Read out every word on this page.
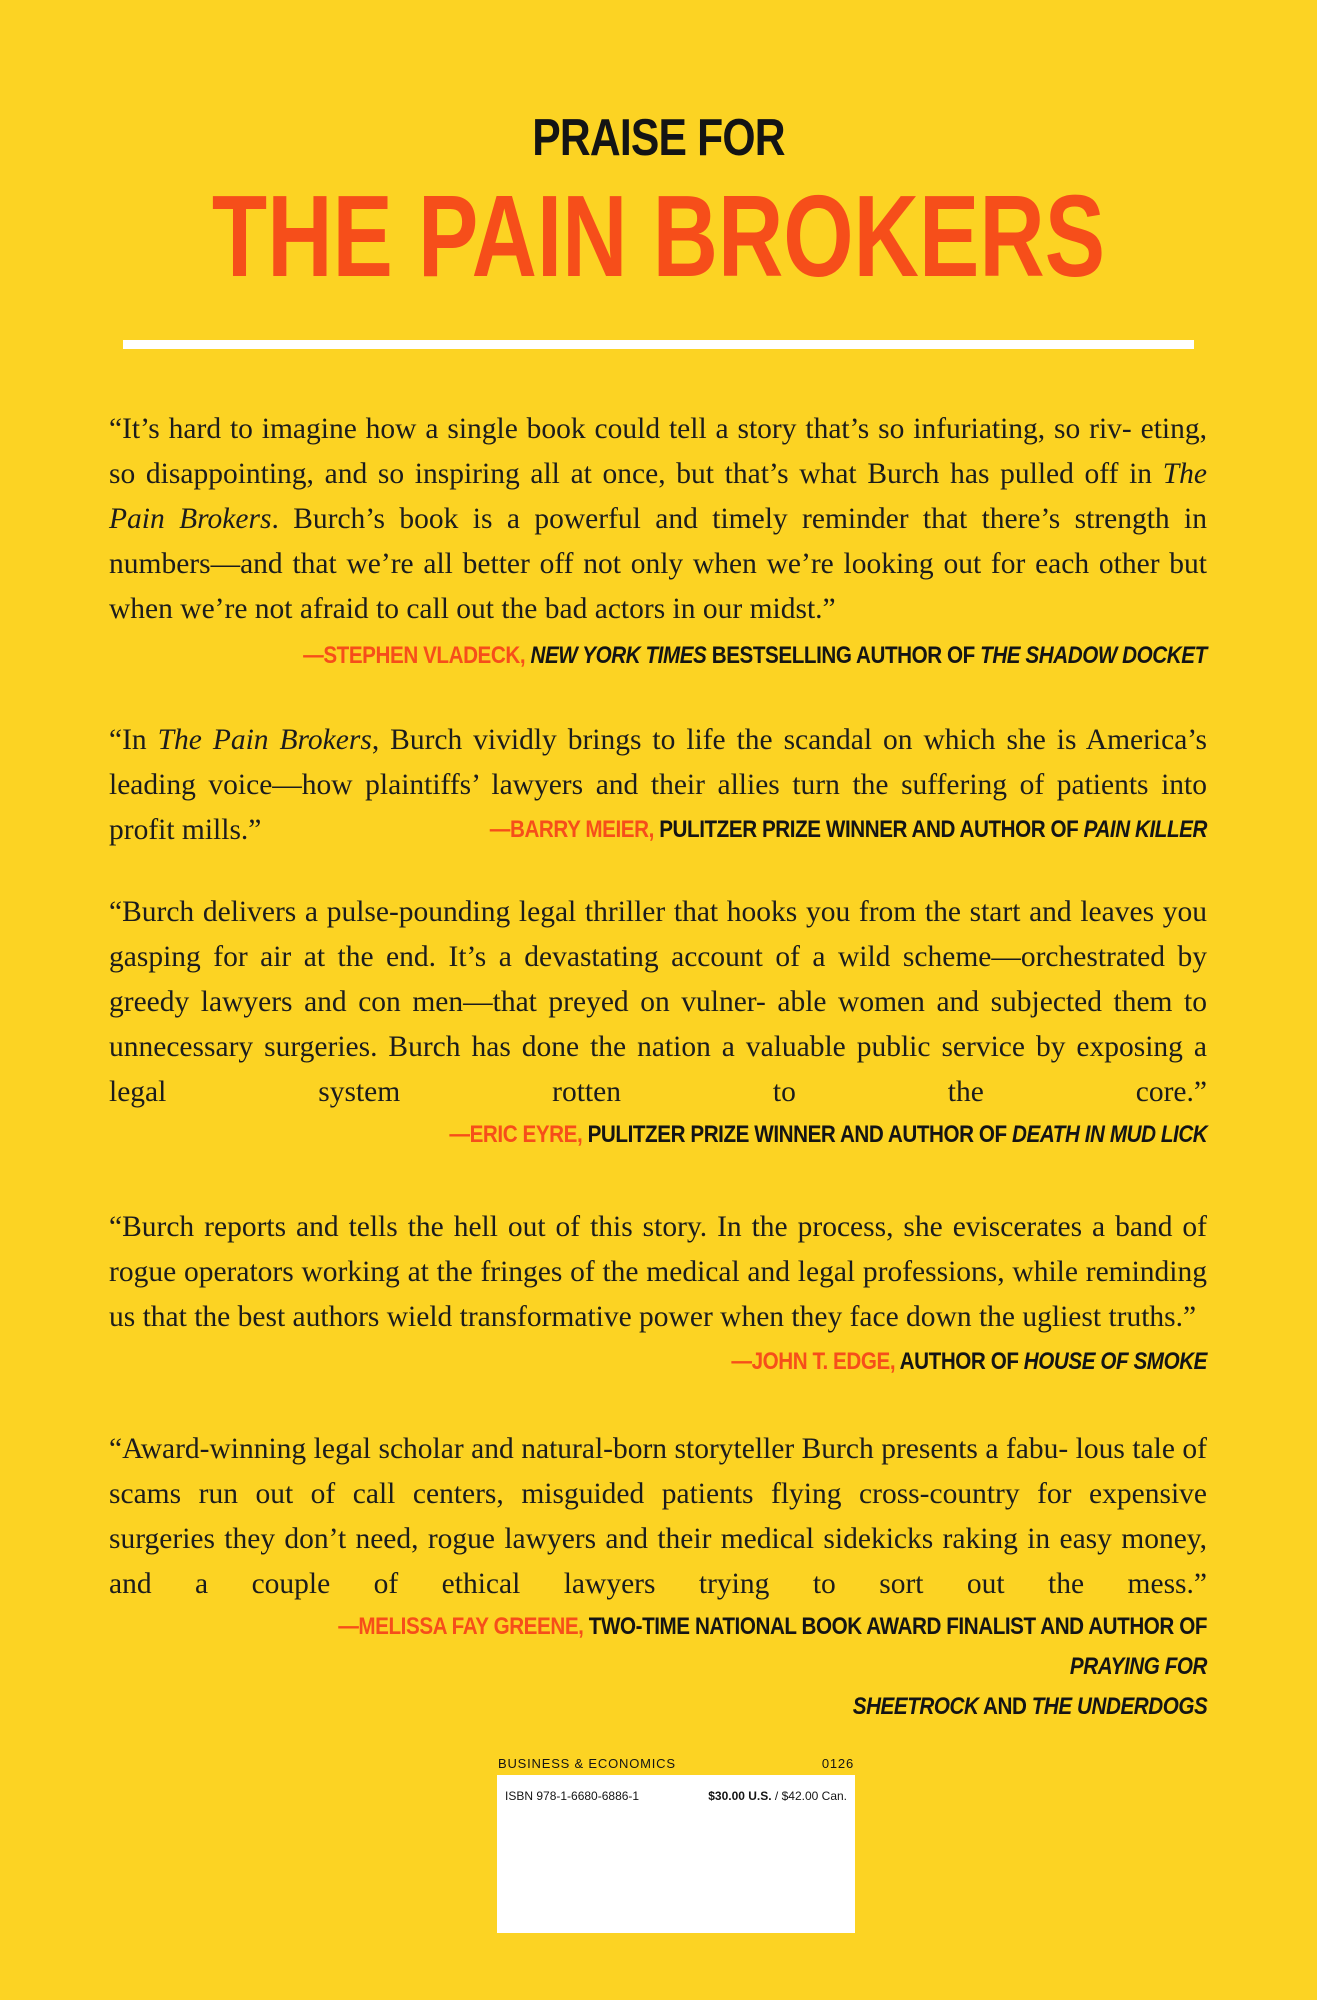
PRAISE FOR
THE PAIN BROKERS

“It’s hard to imagine how a single book could tell a story that’s so infuriating, so riv- eting, so disappointing, and so inspiring all at once, but that’s what Burch has pulled off in The Pain Brokers. Burch’s book is a powerful and timely reminder that there’s strength in numbers—and that we’re all better off not only when we’re looking out for each other but when we’re not afraid to call out the bad actors in our midst.”

—STEPHEN VLADECK, NEW YORK TIMES BESTSELLING AUTHOR OF THE SHADOW DOCKET

“In The Pain Brokers, Burch vividly brings to life the scandal on which she is America’s leading voice—how plaintiffs’ lawyers and their allies turn the suffering of patients into profit mills.”	—BARRY MEIER, PULITZER PRIZE WINNER AND AUTHOR OF PAIN KILLER

“Burch delivers a pulse-pounding legal thriller that hooks you from the start and leaves you gasping for air at the end. It’s a devastating account of a wild scheme—orchestrated by greedy lawyers and con men—that preyed on vulner- able women and subjected them to unnecessary surgeries. Burch has done the nation a valuable public service by exposing a legal system rotten to the core.”

—ERIC EYRE, PULITZER PRIZE WINNER AND AUTHOR OF DEATH IN MUD LICK

“Burch reports and tells the hell out of this story. In the process, she eviscerates a band of rogue operators working at the fringes of the medical and legal professions, while reminding us that the best authors wield transformative power when they face down the ugliest truths.”

—JOHN T. EDGE, AUTHOR OF HOUSE OF SMOKE

“Award-winning legal scholar and natural-born storyteller Burch presents a fabu- lous tale of scams run out of call centers, misguided patients flying cross-country for expensive surgeries they don’t need, rogue lawyers and their medical sidekicks raking in easy money, and a couple of ethical lawyers trying to sort out the mess.”

—MELISSA FAY GREENE, TWO-TIME NATIONAL BOOK AWARD FINALIST AND AUTHOR OF PRAYING FOR
SHEETROCK AND THE UNDERDOGS
BUSINESS & ECONOMICS	0126
ISBN 978-1-6680-6886-1	$30.00 U.S. / $42.00 Can.
